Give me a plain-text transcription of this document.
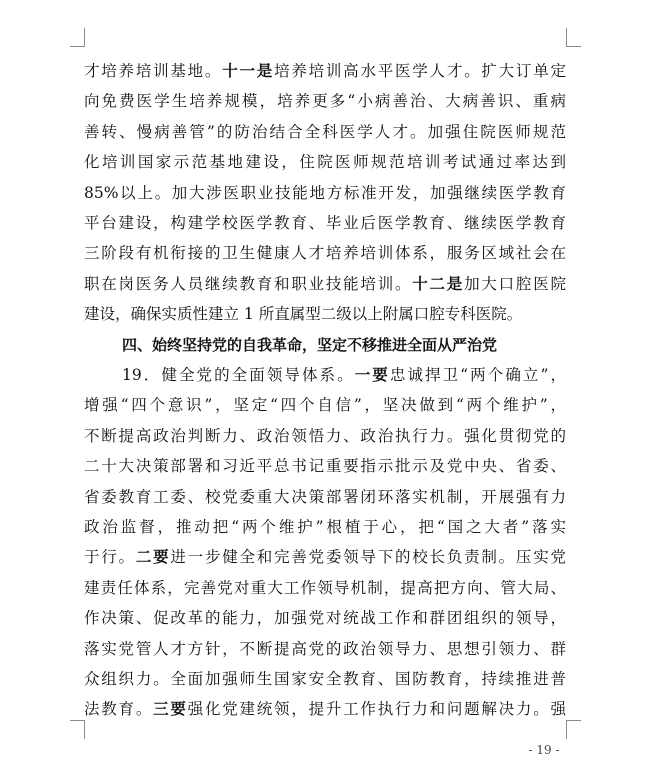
才培养培训基地。十一是培养培训高水平医学人才。扩大订单定
向免费医学生培养规模，培养更多“小病善治、大病善识、重病
善转、慢病善管”的防治结合全科医学人才。加强住院医师规范
化培训国家示范基地建设，住院医师规范培训考试通过率达到
85%以上。加大涉医职业技能地方标准开发，加强继续医学教育
平台建设，构建学校医学教育、毕业后医学教育、继续医学教育
三阶段有机衔接的卫生健康人才培养培训体系，服务区域社会在
职在岗医务人员继续教育和职业技能培训。十二是加大口腔医院
建设，确保实质性建立 1 所直属型二级以上附属口腔专科医院。
四、始终坚持党的自我革命，坚定不移推进全面从严治党
19．健全党的全面领导体系。一要忠诚捍卫“两个确立”，
增强“四个意识”，坚定“四个自信”，坚决做到“两个维护”，
不断提高政治判断力、政治领悟力、政治执行力。强化贯彻党的
二十大决策部署和习近平总书记重要指示批示及党中央、省委、
省委教育工委、校党委重大决策部署闭环落实机制，开展强有力
政治监督，推动把“两个维护”根植于心，把“国之大者”落实
于行。二要进一步健全和完善党委领导下的校长负责制。压实党
建责任体系，完善党对重大工作领导机制，提高把方向、管大局、
作决策、促改革的能力，加强党对统战工作和群团组织的领导，
落实党管人才方针，不断提高党的政治领导力、思想引领力、群
众组织力。全面加强师生国家安全教育、国防教育，持续推进普
法教育。三要强化党建统领，提升工作执行力和问题解决力。强
- 19 -
